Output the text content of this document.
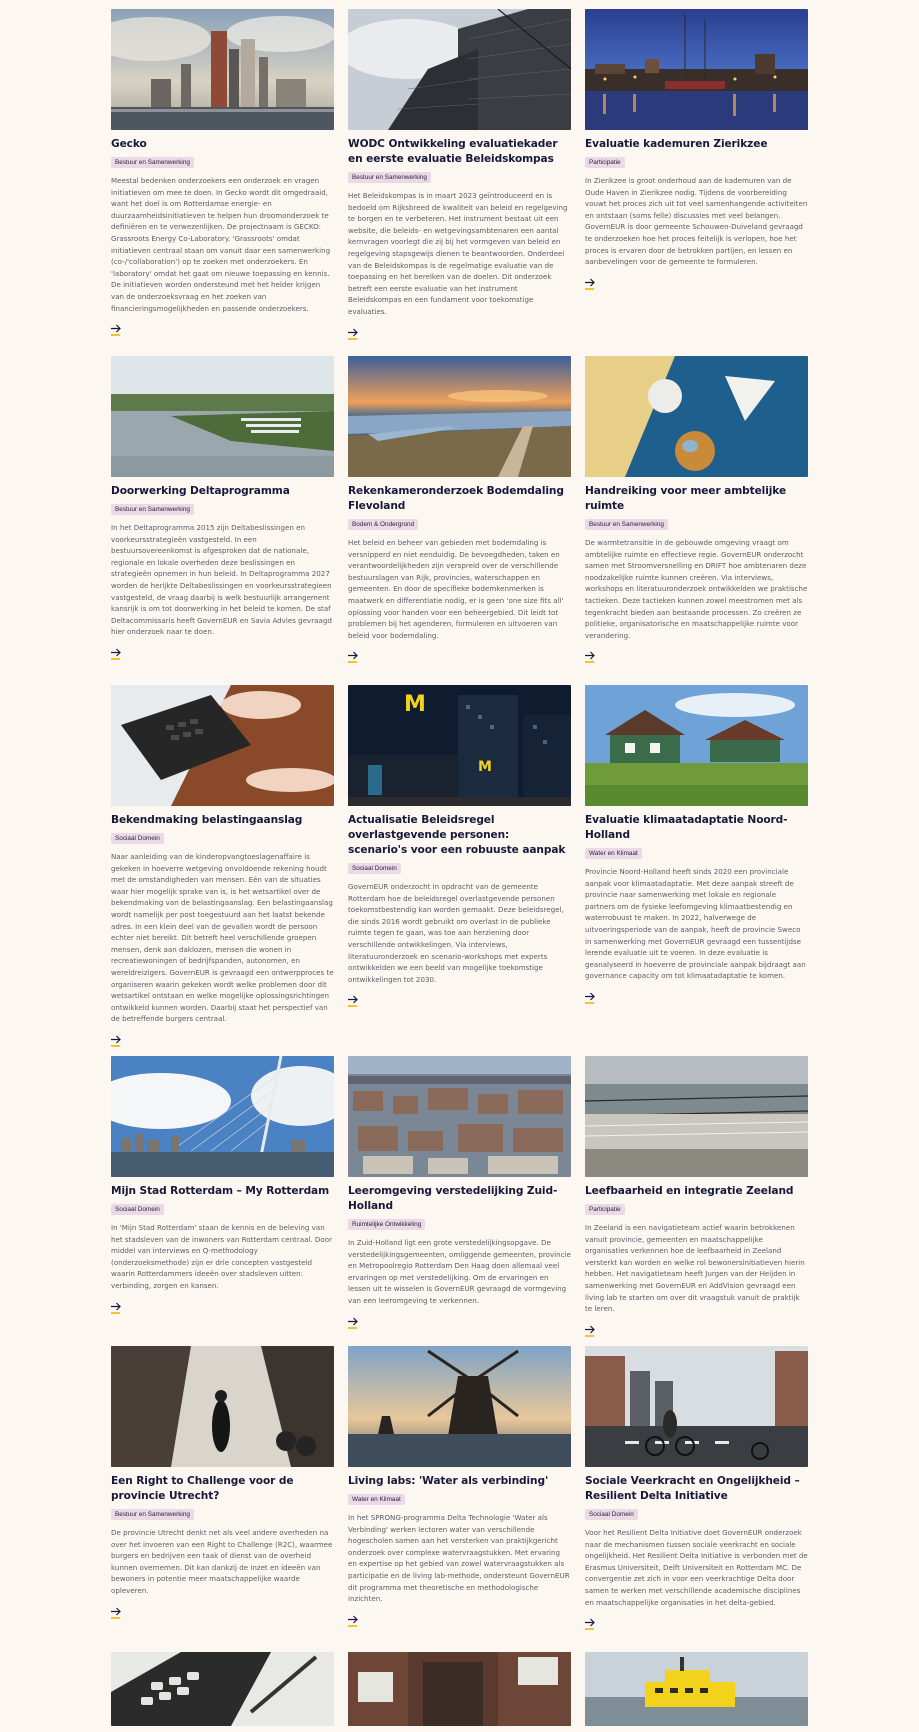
Gecko
Bestuur en Samenwerking

Meestal bedenken onderzoekers een onderzoek en vragen initiatieven om mee te doen. In Gecko wordt dit omgedraaid, want het doel is om Rotterdamse energie- en duurzaamheidsinitiatieven te helpen hun droomonderzoek te definiëren en te verwezenlijken. De projectnaam is GECKO: Grassroots Energy Co-Laboratory. 'Grassroots' omdat initiatieven centraal staan om vanuit daar een samenwerking (co-/'collaboration') op te zoeken met onderzoekers. En 'laboratory' omdat het gaat om nieuwe toepassing en kennis. De initiatieven worden ondersteund met het helder krijgen van de onderzoeksvraag en het zoeken van financieringsmogelijkheden en passende onderzoekers.

WODC Ontwikkeling evaluatiekader en eerste evaluatie Beleidskompas
Bestuur en Samenwerking

Het Beleidskompas is in maart 2023 geïntroduceerd en is bedoeld om Rijksbreed de kwaliteit van beleid en regelgeving te borgen en te verbeteren. Het instrument bestaat uit een website, die beleids- en wetgevingsambtenaren een aantal kernvragen voorlegt die zij bij het vormgeven van beleid en regelgeving stapsgewijs dienen te beantwoorden. Onderdeel van de Beleidskompas is de regelmatige evaluatie van de toepassing en het bereiken van de doelen. Dit onderzoek betreft een eerste evaluatie van het instrument Beleidskompas en een fundament voor toekomstige evaluaties.

Evaluatie kademuren Zierikzee
Participatie

In Zierikzee is groot onderhoud aan de kademuren van de Oude Haven in Zierikzee nodig. Tijdens de voorbereiding vouwt het proces zich uit tot veel samenhangende activiteiten en ontstaan (soms felle) discussies met veel belangen. GovernEUR is door gemeente Schouwen-Duiveland gevraagd te onderzoeken hoe het proces feitelijk is verlopen, hoe het proces is ervaren door de betrokken partijen, en lessen en aanbevelingen voor de gemeente te formuleren.

Doorwerking Deltaprogramma
Bestuur en Samenwerking

In het Deltaprogramma 2015 zijn Deltabeslissingen en voorkeursstrategieën vastgesteld. In een bestuursovereenkomst is afgesproken dat de nationale, regionale en lokale overheden deze beslissingen en strategieën opnemen in hun beleid. In Deltaprogramma 2027 worden de herijkte Deltabeslissingen en voorkeursstrategieen vastgesteld, de vraag daarbij is welk bestuurlijk arrangement kansrijk is om tot doorwerking in het beleid te komen. De staf Deltacommissaris heeft GovernEUR en Savia Advies gevraagd hier onderzoek naar te doen.

Rekenkameronderzoek Bodemdaling Flevoland
Bodem & Ondergrond

Het beleid en beheer van gebieden met bodemdaling is versnipperd en niet eenduidig. De bevoegdheden, taken en verantwoordelijkheden zijn verspreid over de verschillende bestuurslagen van Rijk, provincies, waterschappen en gemeenten. En door de specifieke bodemkenmerken is maatwerk en differentiatie nodig, er is geen 'one size fits all' oplossing voor handen voor een beheergebied. Dit leidt tot problemen bij het agenderen, formuleren en uitvoeren van beleid voor bodemdaling.

Handreiking voor meer ambtelijke ruimte
Bestuur en Samenwerking

De warmtetransitie in de gebouwde omgeving vraagt om ambtelijke ruimte en effectieve regie. GovernEUR onderzocht samen met Stroomversnelling en DRIFT hoe ambtenaren deze noodzakelijke ruimte kunnen creëren. Via interviews, workshops en literatuuronderzoek ontwikkelden we praktische tactieken. Deze tactieken kunnen zowel meestromen met als tegenkracht bieden aan bestaande processen. Zo creëren ze politieke, organisatorische en maatschappelijke ruimte voor verandering.

Bekendmaking belastingaanslag
Sociaal Domein

Naar aanleiding van de kinderopvangtoeslagenaffaire is gekeken in hoeverre wetgeving onvoldoende rekening houdt met de omstandigheden van mensen. Eén van de situaties waar hier mogelijk sprake van is, is het wetsartikel over de bekendmaking van de belastingaanslag. Een belastingaanslag wordt namelijk per post toegestuurd aan het laatst bekende adres. In een klein deel van de gevallen wordt de persoon echter niet bereikt. Dit betreft heel verschillende groepen mensen, denk aan daklozen, mensen die wonen in recreatiewoningen of bedrijfspanden, autonomen, en wereldreizigers. GovernEUR is gevraagd een ontwerpproces te organiseren waarin gekeken wordt welke problemen door dit wetsartikel ontstaan en welke mogelijke oplossingsrichtingen ontwikkeld kunnen worden. Daarbij staat het perspectief van de betreffende burgers centraal.

M
M
Actualisatie Beleidsregel overlastgevende personen: scenario's voor een robuuste aanpak
Sociaal Domein

GovernEUR onderzocht in opdracht van de gemeente Rotterdam hoe de beleidsregel overlastgevende personen toekomstbestendig kan worden gemaakt. Deze beleidsregel, die sinds 2016 wordt gebruikt om overlast in de publieke ruimte tegen te gaan, was toe aan herziening door verschillende ontwikkelingen. Via interviews, literatuuronderzoek en scenario-workshops met experts ontwikkelden we een beeld van mogelijke toekomstige ontwikkelingen tot 2030.

Evaluatie klimaatadaptatie Noord-Holland
Water en Klimaat

Provincie Noord-Holland heeft sinds 2020 een provinciale aanpak voor klimaatadaptatie. Met deze aanpak streeft de provincie naar samenwerking met lokale en regionale partners om de fysieke leefomgeving klimaatbestendig en waterrobuust te maken. In 2022, halverwege de uitvoeringsperiode van de aanpak, heeft de provincie Sweco in samenwerking met GovernEUR gevraagd een tussentijdse lerende evaluatie uit te voeren. In deze evaluatie is geanalyseerd in hoeverre de provinciale aanpak bijdraagt aan governance capacity om tot klimaatadaptatie te komen.

Mijn Stad Rotterdam – My Rotterdam
Sociaal Domein

In 'Mijn Stad Rotterdam' staan de kennis en de beleving van het stadsleven van de inwoners van Rotterdam centraal. Door middel van interviews en Q-methodology (onderzoeksmethode) zijn er drie concepten vastgesteld waarin Rotterdammers ideeën over stadsleven uitten: verbinding, zorgen en kansen.

Leeromgeving verstedelijking Zuid-Holland
Ruimtelijke Ontwikkeling

In Zuid-Holland ligt een grote verstedelijkingsopgave. De verstedelijkingsgemeenten, omliggende gemeenten, provincie en Metropoolregio Rotterdam Den Haag doen allemaal veel ervaringen op met verstedelijking. Om de ervaringen en lessen uit te wisselen is GovernEUR gevraagd de vormgeving van een leeromgeving te verkennen.

Leefbaarheid en integratie Zeeland
Participatie

In Zeeland is een navigatieteam actief waarin betrokkenen vanuit provincie, gemeenten en maatschappelijke organisaties verkennen hoe de leefbaarheid in Zeeland versterkt kan worden en welke rol bewonersinitiatieven hierin hebben. Het navigatieteam heeft Jurgen van der Heijden in samenwerking met GovernEUR en AddVision gevraagd een living lab te starten om over dit vraagstuk vanuit de praktijk te leren.

Een Right to Challenge voor de provincie Utrecht?
Bestuur en Samenwerking

De provincie Utrecht denkt net als veel andere overheden na over het invoeren van een Right to Challenge (R2C), waarmee burgers en bedrijven een taak of dienst van de overheid kunnen overnemen. Dit kan dankzij de inzet en ideeën van bewoners in potentie meer maatschappelijke waarde opleveren.

Living labs: 'Water als verbinding'
Water en Klimaat

In het SPRONG-programma Delta Technologie 'Water als Verbinding' werken lectoren water van verschillende hogescholen samen aan het versterken van praktijkgericht onderzoek over complexe watervraagstukken. Met ervaring en expertise op het gebied van zowel watervraagstukken als participatie en de living lab-methode, ondersteunt GovernEUR dit programma met theoretische en methodologische inzichten.

Sociale Veerkracht en Ongelijkheid – Resilient Delta Initiative
Sociaal Domein

Voor het Resilient Delta Initiative doet GovernEUR onderzoek naar de mechanismen tussen sociale veerkracht en sociale ongelijkheid. Het Resilient Delta Initiative is verbonden met de Erasmus Universiteit, Delft Universiteit en Rotterdam MC. De convergentie zet zich in voor een veerkrachtige Delta door samen te werken met verschillende academische disciplines en maatschappelijke organisaties in het delta-gebied.
